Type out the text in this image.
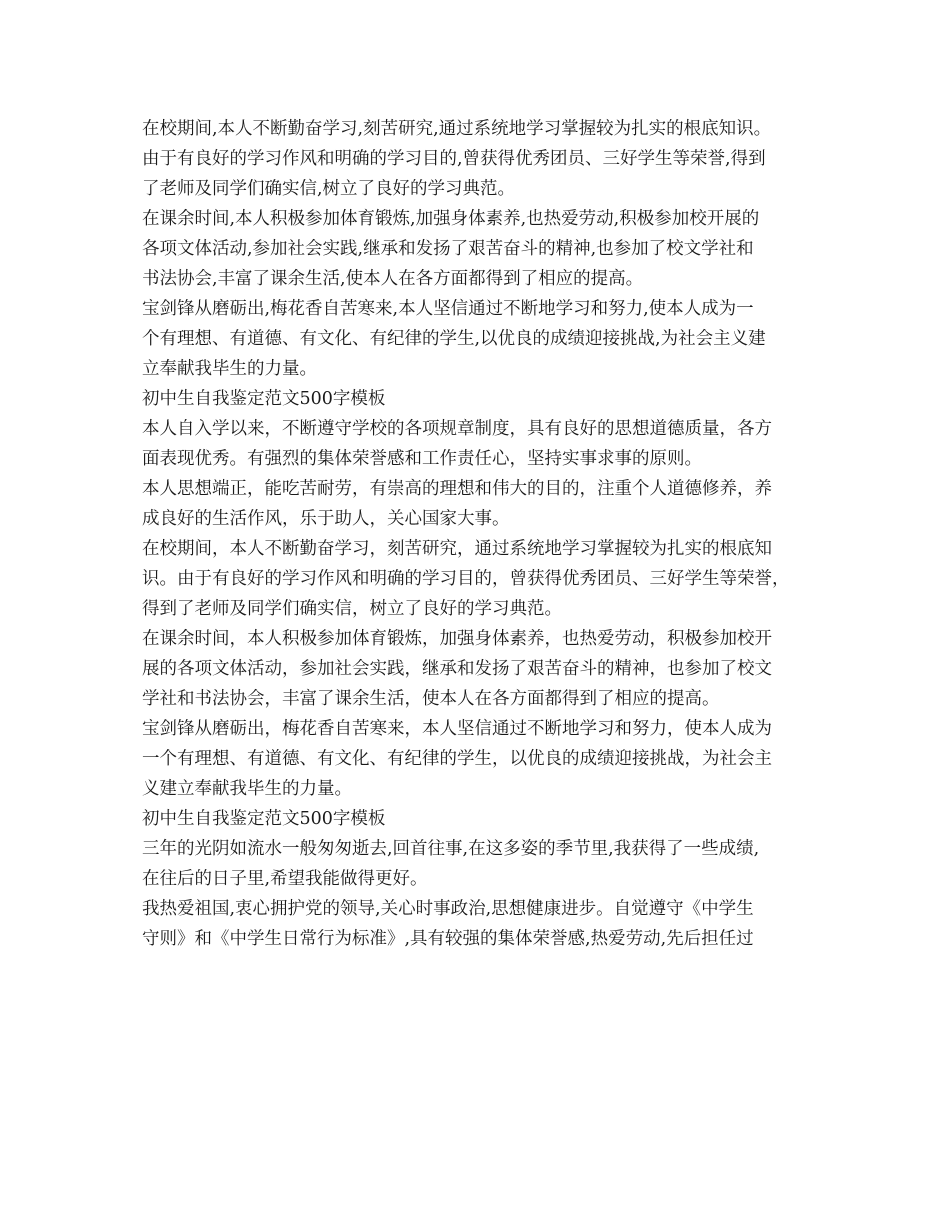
在校期间,本人不断勤奋学习,刻苦研究,通过系统地学习掌握较为扎实的根底知识。
由于有良好的学习作风和明确的学习目的,曾获得优秀团员、三好学生等荣誉,得到
了老师及同学们确实信,树立了良好的学习典范。
在课余时间,本人积极参加体育锻炼,加强身体素养,也热爱劳动,积极参加校开展的
各项文体活动,参加社会实践,继承和发扬了艰苦奋斗的精神,也参加了校文学社和
书法协会,丰富了课余生活,使本人在各方面都得到了相应的提高。
宝剑锋从磨砺出,梅花香自苦寒来,本人坚信通过不断地学习和努力,使本人成为一
个有理想、有道德、有文化、有纪律的学生,以优良的成绩迎接挑战,为社会主义建
立奉献我毕生的力量。
初中生自我鉴定范文500字模板
本人自入学以来，不断遵守学校的各项规章制度，具有良好的思想道德质量，各方
面表现优秀。有强烈的集体荣誉感和工作责任心，坚持实事求事的原则。
本人思想端正，能吃苦耐劳，有崇高的理想和伟大的目的，注重个人道德修养，养
成良好的生活作风，乐于助人，关心国家大事。
在校期间，本人不断勤奋学习，刻苦研究，通过系统地学习掌握较为扎实的根底知
识。由于有良好的学习作风和明确的学习目的，曾获得优秀团员、三好学生等荣誉，
得到了老师及同学们确实信，树立了良好的学习典范。
在课余时间，本人积极参加体育锻炼，加强身体素养，也热爱劳动，积极参加校开
展的各项文体活动，参加社会实践，继承和发扬了艰苦奋斗的精神，也参加了校文
学社和书法协会，丰富了课余生活，使本人在各方面都得到了相应的提高。
宝剑锋从磨砺出，梅花香自苦寒来，本人坚信通过不断地学习和努力，使本人成为
一个有理想、有道德、有文化、有纪律的学生，以优良的成绩迎接挑战，为社会主
义建立奉献我毕生的力量。
初中生自我鉴定范文500字模板
三年的光阴如流水一般匆匆逝去,回首往事,在这多姿的季节里,我获得了一些成绩,
在往后的日子里,希望我能做得更好。
我热爱祖国,衷心拥护党的领导,关心时事政治,思想健康进步。自觉遵守《中学生
守则》和《中学生日常行为标准》,具有较强的集体荣誉感,热爱劳动,先后担任过
